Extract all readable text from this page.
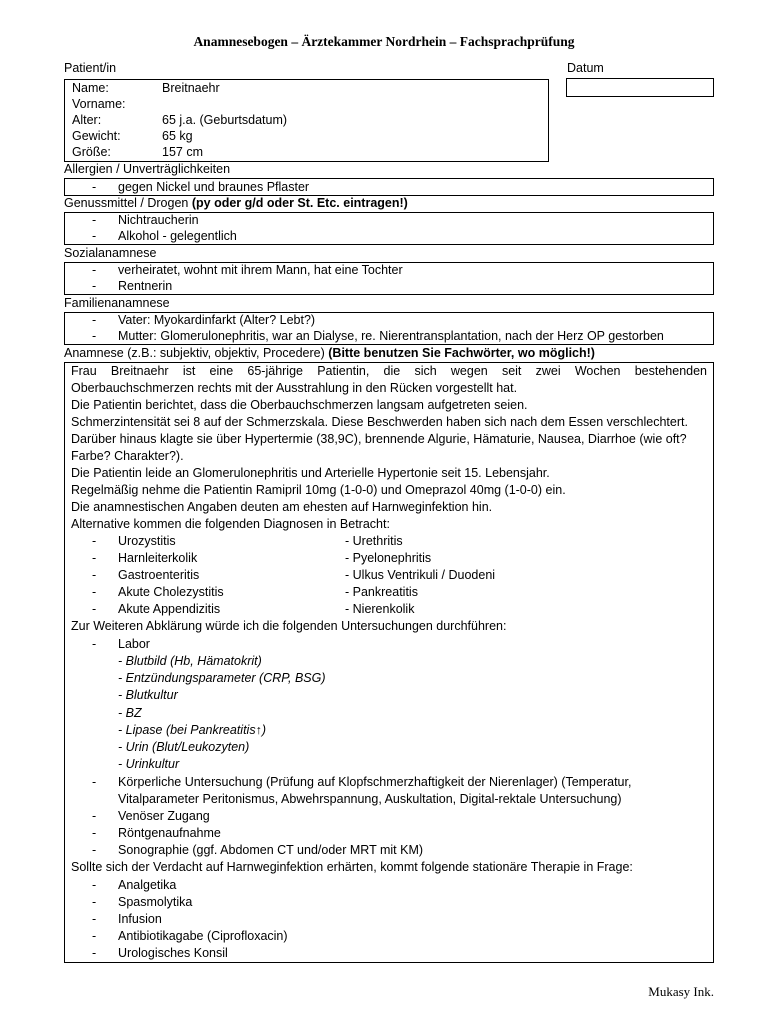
Anamnesebogen – Ärztekammer Nordrhein – Fachsprachprüfung
Patient/in	Datum
Name:	Breitnaehr
Vorname:
Alter:	65 j.a. (Geburtsdatum)
Gewicht:	65 kg
Größe:	157 cm
Allergien / Unverträglichkeiten
- gegen Nickel und braunes Pflaster
Genussmittel / Drogen (py oder g/d oder St. Etc. eintragen!)
- Nichtraucherin
- Alkohol - gelegentlich
Sozialanamnese
- verheiratet, wohnt mit ihrem Mann, hat eine Tochter
- Rentnerin
Familienanamnese
- Vater: Myokardinfarkt (Alter? Lebt?)
- Mutter: Glomerulonephritis, war an Dialyse, re. Nierentransplantation, nach der Herz OP gestorben
Anamnese (z.B.: subjektiv, objektiv, Procedere) (Bitte benutzen Sie Fachwörter, wo möglich!)
Frau Breitnaehr ist eine 65-jährige Patientin, die sich wegen seit zwei Wochen bestehenden
Oberbauchschmerzen rechts mit der Ausstrahlung in den Rücken vorgestellt hat.
Die Patientin berichtet, dass die Oberbauchschmerzen langsam aufgetreten seien.
Schmerzintensität sei 8 auf der Schmerzskala. Diese Beschwerden haben sich nach dem Essen verschlechtert.
Darüber hinaus klagte sie über Hypertermie (38,9C), brennende Algurie, Hämaturie, Nausea, Diarrhoe (wie oft?
Farbe? Charakter?).
Die Patientin leide an Glomerulonephritis und Arterielle Hypertonie seit 15. Lebensjahr.
Regelmäßig nehme die Patientin Ramipril 10mg (1-0-0) und Omeprazol 40mg (1-0-0) ein.
Die anamnestischen Angaben deuten am ehesten auf Harnweginfektion hin.
Alternative kommen die folgenden Diagnosen in Betracht:
- Urozystitis	- Urethritis
- Harnleiterkolik	- Pyelonephritis
- Gastroenteritis	- Ulkus Ventrikuli / Duodeni
- Akute Cholezystitis	- Pankreatitis
- Akute Appendizitis	- Nierenkolik
Zur Weiteren Abklärung würde ich die folgenden Untersuchungen durchführen:
- Labor
- Blutbild (Hb, Hämatokrit)
- Entzündungsparameter (CRP, BSG)
- Blutkultur
- BZ
- Lipase (bei Pankreatitis↑)
- Urin (Blut/Leukozyten)
- Urinkultur
- Körperliche Untersuchung (Prüfung auf Klopfschmerzhaftigkeit der Nierenlager) (Temperatur,
Vitalparameter Peritonismus, Abwehrspannung, Auskultation, Digital-rektale Untersuchung)
- Venöser Zugang
- Röntgenaufnahme
- Sonographie (ggf. Abdomen CT und/oder MRT mit KM)
Sollte sich der Verdacht auf Harnweginfektion erhärten, kommt folgende stationäre Therapie in Frage:
- Analgetika
- Spasmolytika
- Infusion
- Antibiotikagabe (Ciprofloxacin)
- Urologisches Konsil
Mukasy Ink.
